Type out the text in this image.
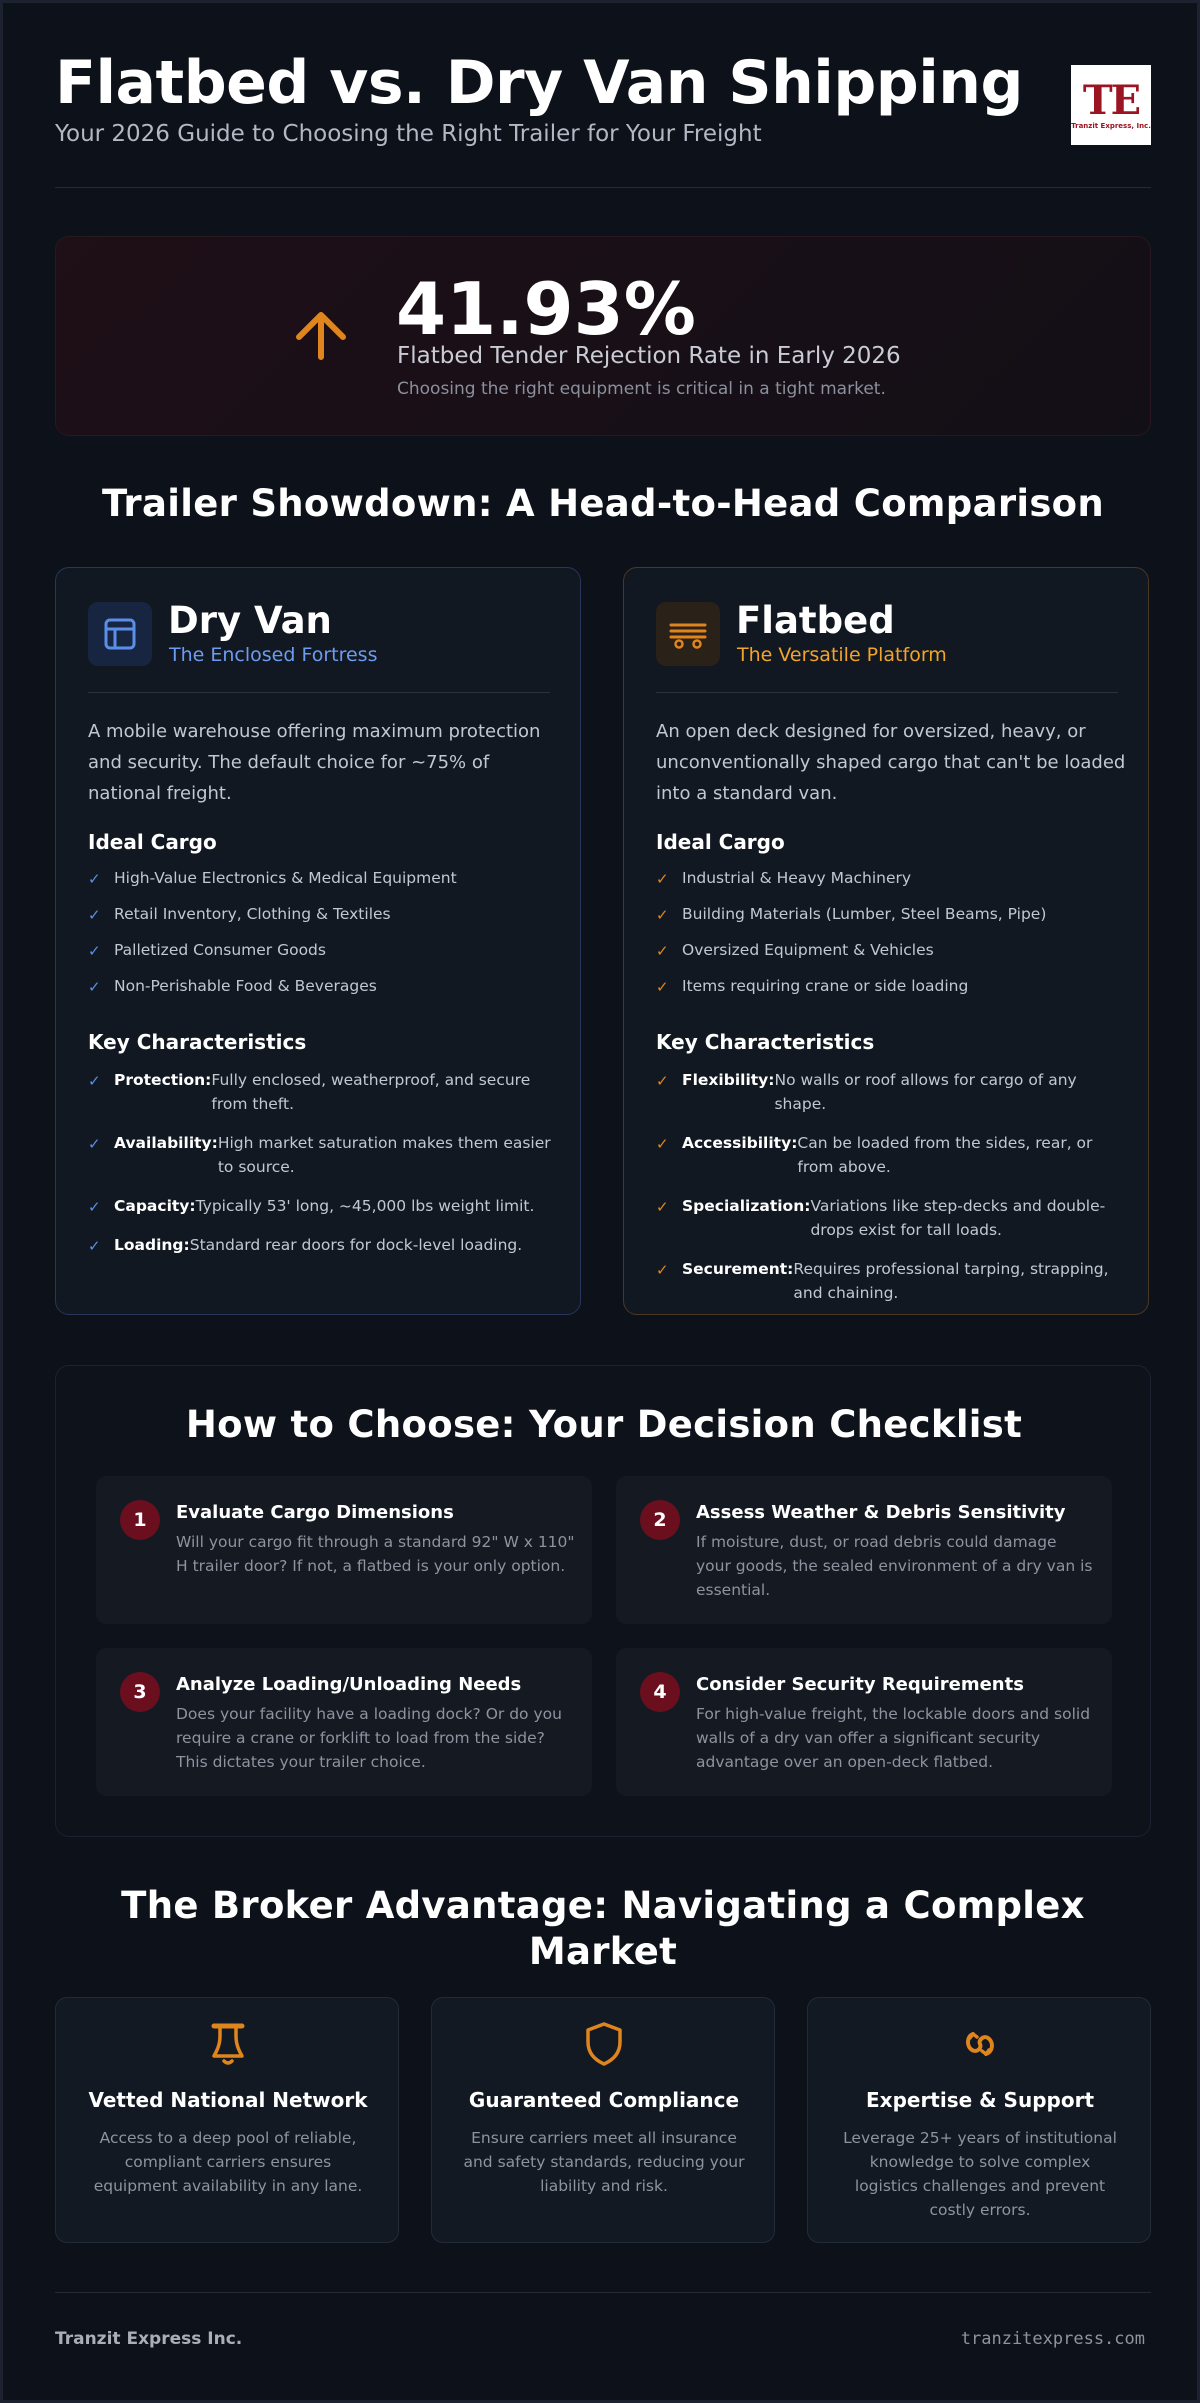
Flatbed vs. Dry Van Shipping
Your 2026 Guide to Choosing the Right Trailer for Your Freight
TE
Tranzit Express, Inc.
41.93%
Flatbed Tender Rejection Rate in Early 2026
Choosing the right equipment is critical in a tight market.
Trailer Showdown: A Head-to-Head Comparison
Dry Van
The Enclosed Fortress
A mobile warehouse offering maximum protection and security. The default choice for ~75% of national freight.
Ideal Cargo
✓ High-Value Electronics & Medical Equipment
✓ Retail Inventory, Clothing & Textiles
✓ Palletized Consumer Goods
✓ Non-Perishable Food & Beverages
Key Characteristics
✓ Protection: Fully enclosed, weatherproof, and secure from theft.
✓ Availability: High market saturation makes them easier to source.
✓ Capacity: Typically 53' long, ~45,000 lbs weight limit.
✓ Loading: Standard rear doors for dock-level loading.
Flatbed
The Versatile Platform
An open deck designed for oversized, heavy, or unconventionally shaped cargo that can't be loaded into a standard van.
Ideal Cargo
✓ Industrial & Heavy Machinery
✓ Building Materials (Lumber, Steel Beams, Pipe)
✓ Oversized Equipment & Vehicles
✓ Items requiring crane or side loading
Key Characteristics
✓ Flexibility: No walls or roof allows for cargo of any shape.
✓ Accessibility: Can be loaded from the sides, rear, or from above.
✓ Specialization: Variations like step-decks and double-drops exist for tall loads.
✓ Securement: Requires professional tarping, strapping, and chaining.
How to Choose: Your Decision Checklist
1	Evaluate Cargo Dimensions
Will your cargo fit through a standard 92" W x 110" H trailer door? If not, a flatbed is your only option.
2	Assess Weather & Debris Sensitivity
If moisture, dust, or road debris could damage your goods, the sealed environment of a dry van is essential.
3	Analyze Loading/Unloading Needs
Does your facility have a loading dock? Or do you require a crane or forklift to load from the side? This dictates your trailer choice.
4	Consider Security Requirements
For high-value freight, the lockable doors and solid walls of a dry van offer a significant security advantage over an open-deck flatbed.
The Broker Advantage: Navigating a Complex Market
Vetted National Network
Access to a deep pool of reliable, compliant carriers ensures equipment availability in any lane.
Guaranteed Compliance
Ensure carriers meet all insurance and safety standards, reducing your liability and risk.
Expertise & Support
Leverage 25+ years of institutional knowledge to solve complex logistics challenges and prevent costly errors.
Tranzit Express Inc.	tranzitexpress.com
